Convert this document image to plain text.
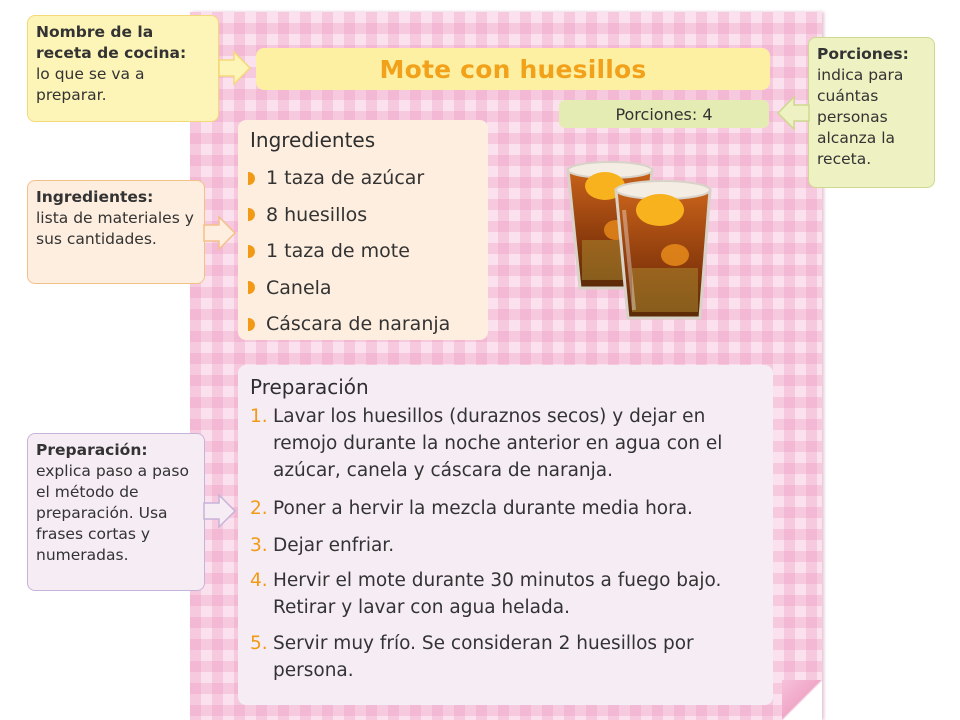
Mote con huesillos
Porciones: 4
Ingredientes
1 taza de azúcar
8 huesillos
1 taza de mote
Canela
Cáscara de naranja
Preparación
1. Lavar los huesillos (duraznos secos) y dejar en remojo durante la noche anterior en agua con el azúcar, canela y cáscara de naranja.
2. Poner a hervir la mezcla durante media hora.
3. Dejar enfriar.
4. Hervir el mote durante 30 minutos a fuego bajo. Retirar y lavar con agua helada.
5. Servir muy frío. Se consideran 2 huesillos por persona.
Nombre de la receta de cocina:
lo que se va a preparar.
Ingredientes:
lista de materiales y sus cantidades.
Preparación:
explica paso a paso el método de preparación. Usa frases cortas y numeradas.
Porciones:
indica para cuántas personas alcanza la receta.
